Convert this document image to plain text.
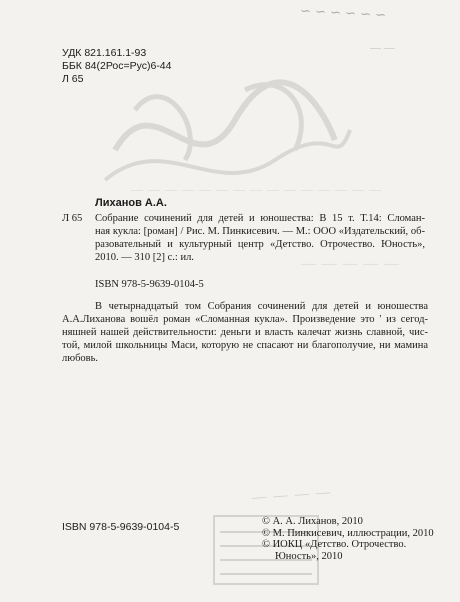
— — — — — — — — — — — — — — —
— — — — —
~ ~ ~ ~ ~ ~
— —
— — — —
УДК 821.161.1-93
ББК 84(2Рос=Рус)6-44
Л 65
Лиханов А.А.
Л 65 Собрание сочинений для детей и юношества: В 15 т. Т.14: Сломан-
ная кукла: [роман] / Рис. М. Пинкисевич. — М.: ООО «Издательский, об-
разовательный и культурный центр «Детство. Отрочество. Юность»,
2010. — 310 [2] с.: ил.
ISBN 978-5-9639-0104-5
В четырнадцатый том Собрания сочинений для детей и юношества
А.А.Лиханова вошёл роман «Сломанная кукла». Произведение это ' из сегод-
няшней нашей действительности: деньги и власть калечат жизнь славной, чис-
той, милой школьницы Маси, которую не спасают ни благополучие, ни мамина
любовь.
ISBN 978-5-9639-0104-5	© А. А. Лиханов, 2010
© М. Пинкисевич, иллюстрации, 2010
© ИОКЦ «Детство. Отрочество.
Юность», 2010
